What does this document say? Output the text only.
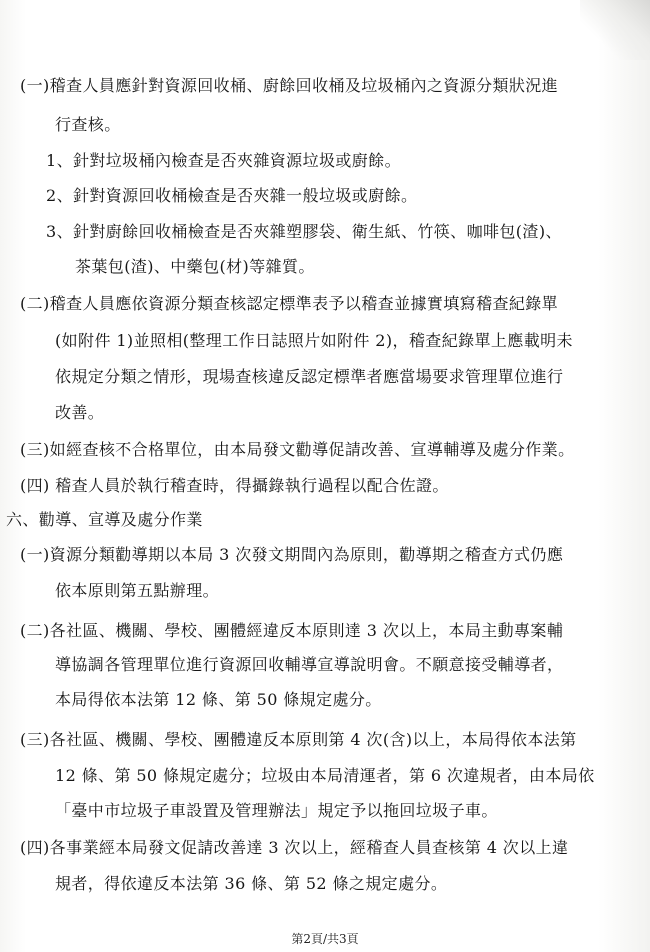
(一)稽查人員應針對資源回收桶、廚餘回收桶及垃圾桶內之資源分類狀況進
行查核。
1、針對垃圾桶內檢查是否夾雜資源垃圾或廚餘。
2、針對資源回收桶檢查是否夾雜一般垃圾或廚餘。
3、針對廚餘回收桶檢查是否夾雜塑膠袋、衛生紙、竹筷、咖啡包(渣)、
茶葉包(渣)、中藥包(材)等雜質。
(二)稽查人員應依資源分類查核認定標準表予以稽查並據實填寫稽查紀錄單
(如附件 1)並照相(整理工作日誌照片如附件 2)，稽查紀錄單上應載明未
依規定分類之情形，現場查核違反認定標準者應當場要求管理單位進行
改善。
(三)如經查核不合格單位，由本局發文勸導促請改善、宣導輔導及處分作業。
(四) 稽查人員於執行稽查時，得攝錄執行過程以配合佐證。
六、勸導、宣導及處分作業
(一)資源分類勸導期以本局 3 次發文期間內為原則，勸導期之稽查方式仍應
依本原則第五點辦理。
(二)各社區、機關、學校、團體經違反本原則達 3 次以上，本局主動專案輔
導協調各管理單位進行資源回收輔導宣導說明會。不願意接受輔導者，
本局得依本法第 12 條、第 50 條規定處分。
(三)各社區、機關、學校、團體違反本原則第 4 次(含)以上，本局得依本法第
12 條、第 50 條規定處分；垃圾由本局清運者，第 6 次違規者，由本局依
「臺中市垃圾子車設置及管理辦法」規定予以拖回垃圾子車。
(四)各事業經本局發文促請改善達 3 次以上，經稽查人員查核第 4 次以上違
規者，得依違反本法第 36 條、第 52 條之規定處分。
第2頁/共3頁
